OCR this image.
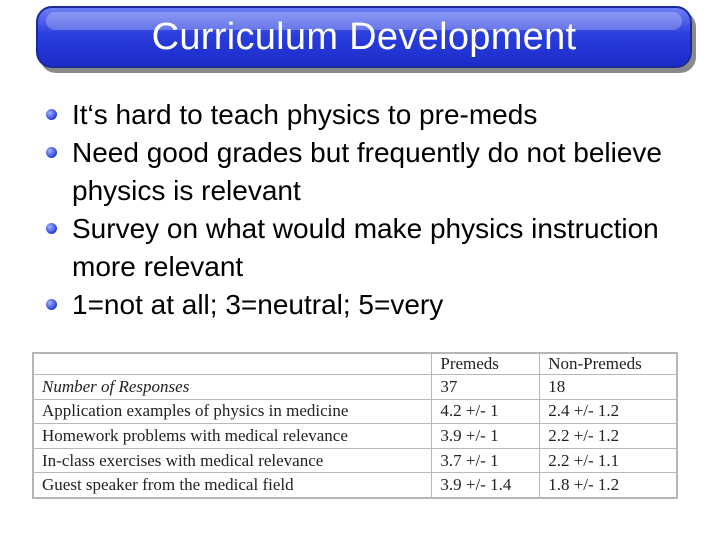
Curriculum Development
It‘s hard to teach physics to pre-meds
Need good grades but frequently do not believe physics is relevant
Survey on what would make physics instruction more relevant
1=not at all; 3=neutral; 5=very
	Premeds	Non-Premeds
Number of Responses	37	18
Application examples of physics in medicine	4.2 +/- 1	2.4 +/- 1.2
Homework problems with medical relevance	3.9 +/- 1	2.2 +/- 1.2
In-class exercises with medical relevance	3.7 +/- 1	2.2 +/- 1.1
Guest speaker from the medical field	3.9 +/- 1.4	1.8 +/- 1.2
